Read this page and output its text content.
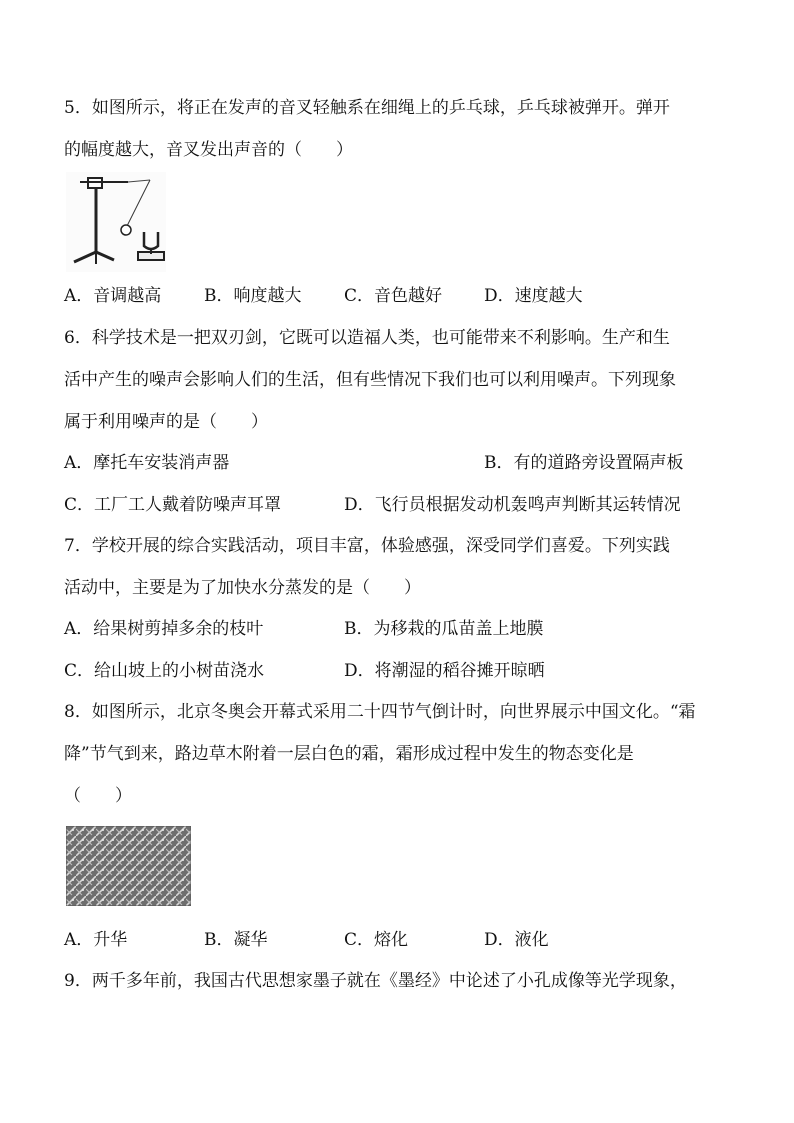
5．如图所示，将正在发声的音叉轻触系在细绳上的乒乓球，乒乓球被弹开。弹开
的幅度越大，音叉发出声音的（　　）
A．音调越高	B．响度越大	C．音色越好 D．速度越大
6．科学技术是一把双刃剑，它既可以造福人类，也可能带来不利影响。生产和生
活中产生的噪声会影响人们的生活，但有些情况下我们也可以利用噪声。下列现象
属于利用噪声的是（　　）
A．摩托车安装消声器	B．有的道路旁设置隔声板
C．工厂工人戴着防噪声耳罩	D．飞行员根据发动机轰鸣声判断其运转情况
7．学校开展的综合实践活动，项目丰富，体验感强，深受同学们喜爱。下列实践
活动中，主要是为了加快水分蒸发的是（　　）
A．给果树剪掉多余的枝叶	B．为移栽的瓜苗盖上地膜
C．给山坡上的小树苗浇水	D．将潮湿的稻谷摊开晾晒
8．如图所示，北京冬奥会开幕式采用二十四节气倒计时，向世界展示中国文化。“霜
降”节气到来，路边草木附着一层白色的霜，霜形成过程中发生的物态变化是
（　　）
A．升华	B．凝华	C．熔化	D．液化
9．两千多年前，我国古代思想家墨子就在《墨经》中论述了小孔成像等光学现象，
